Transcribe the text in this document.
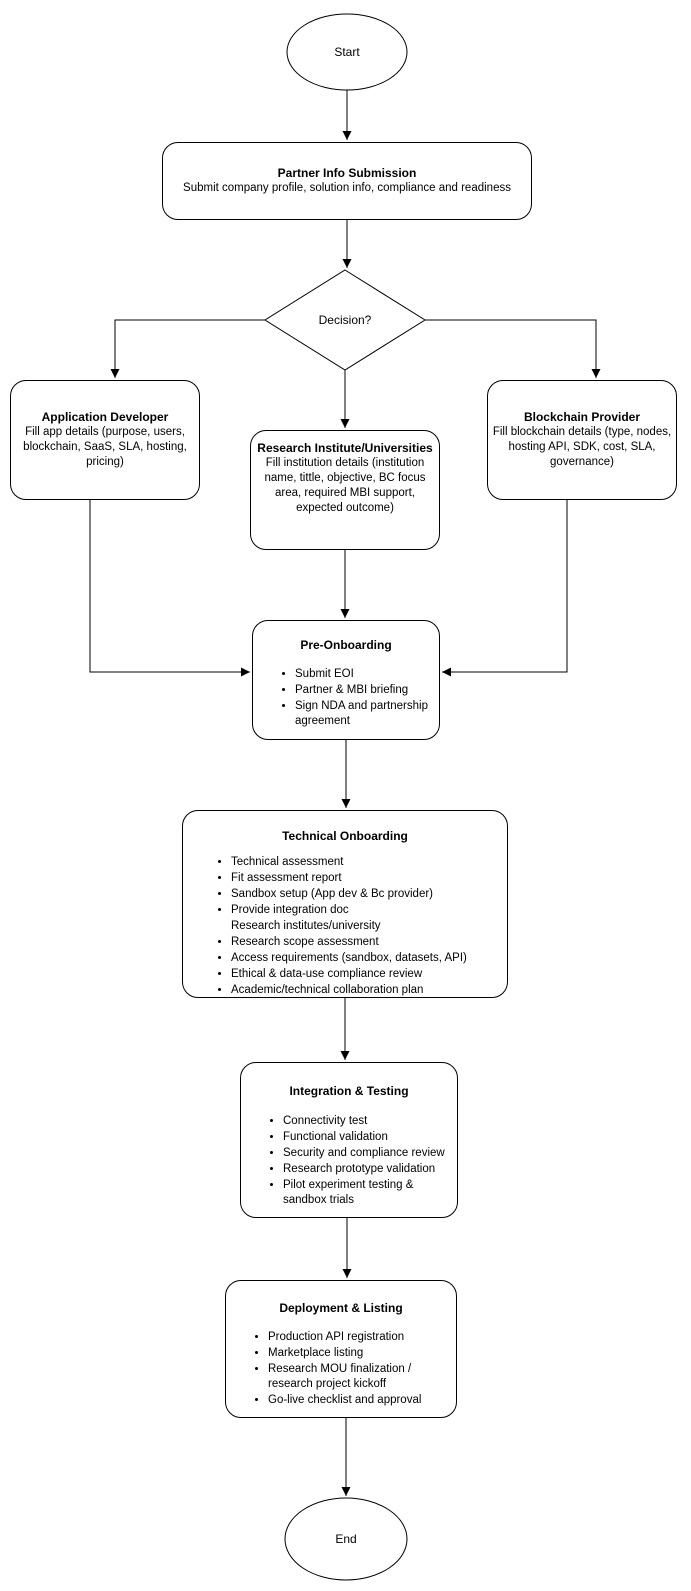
Start
Partner Info Submission
Submit company profile, solution info, compliance and readiness
Decision?
Application Developer
Fill app details (purpose, users, blockchain, SaaS, SLA, hosting, pricing)
Research Institute/Universities
Fill institution details (institution name, tittle, objective, BC focus area, required MBI support, expected outcome)
Blockchain Provider
Fill blockchain details (type, nodes, hosting API, SDK, cost, SLA, governance)
Pre-Onboarding
• Submit EOI
• Partner & MBI briefing
• Sign NDA and partnership agreement
Technical Onboarding
• Technical assessment
• Fit assessment report
• Sandbox setup (App dev & Bc provider)
• Provide integration doc
Research institutes/university
• Research scope assessment
• Access requirements (sandbox, datasets, API)
• Ethical & data-use compliance review
• Academic/technical collaboration plan
Integration & Testing
• Connectivity test
• Functional validation
• Security and compliance review
• Research prototype validation
• Pilot experiment testing & sandbox trials
Deployment & Listing
• Production API registration
• Marketplace listing
• Research MOU finalization / research project kickoff
• Go-live checklist and approval
End
